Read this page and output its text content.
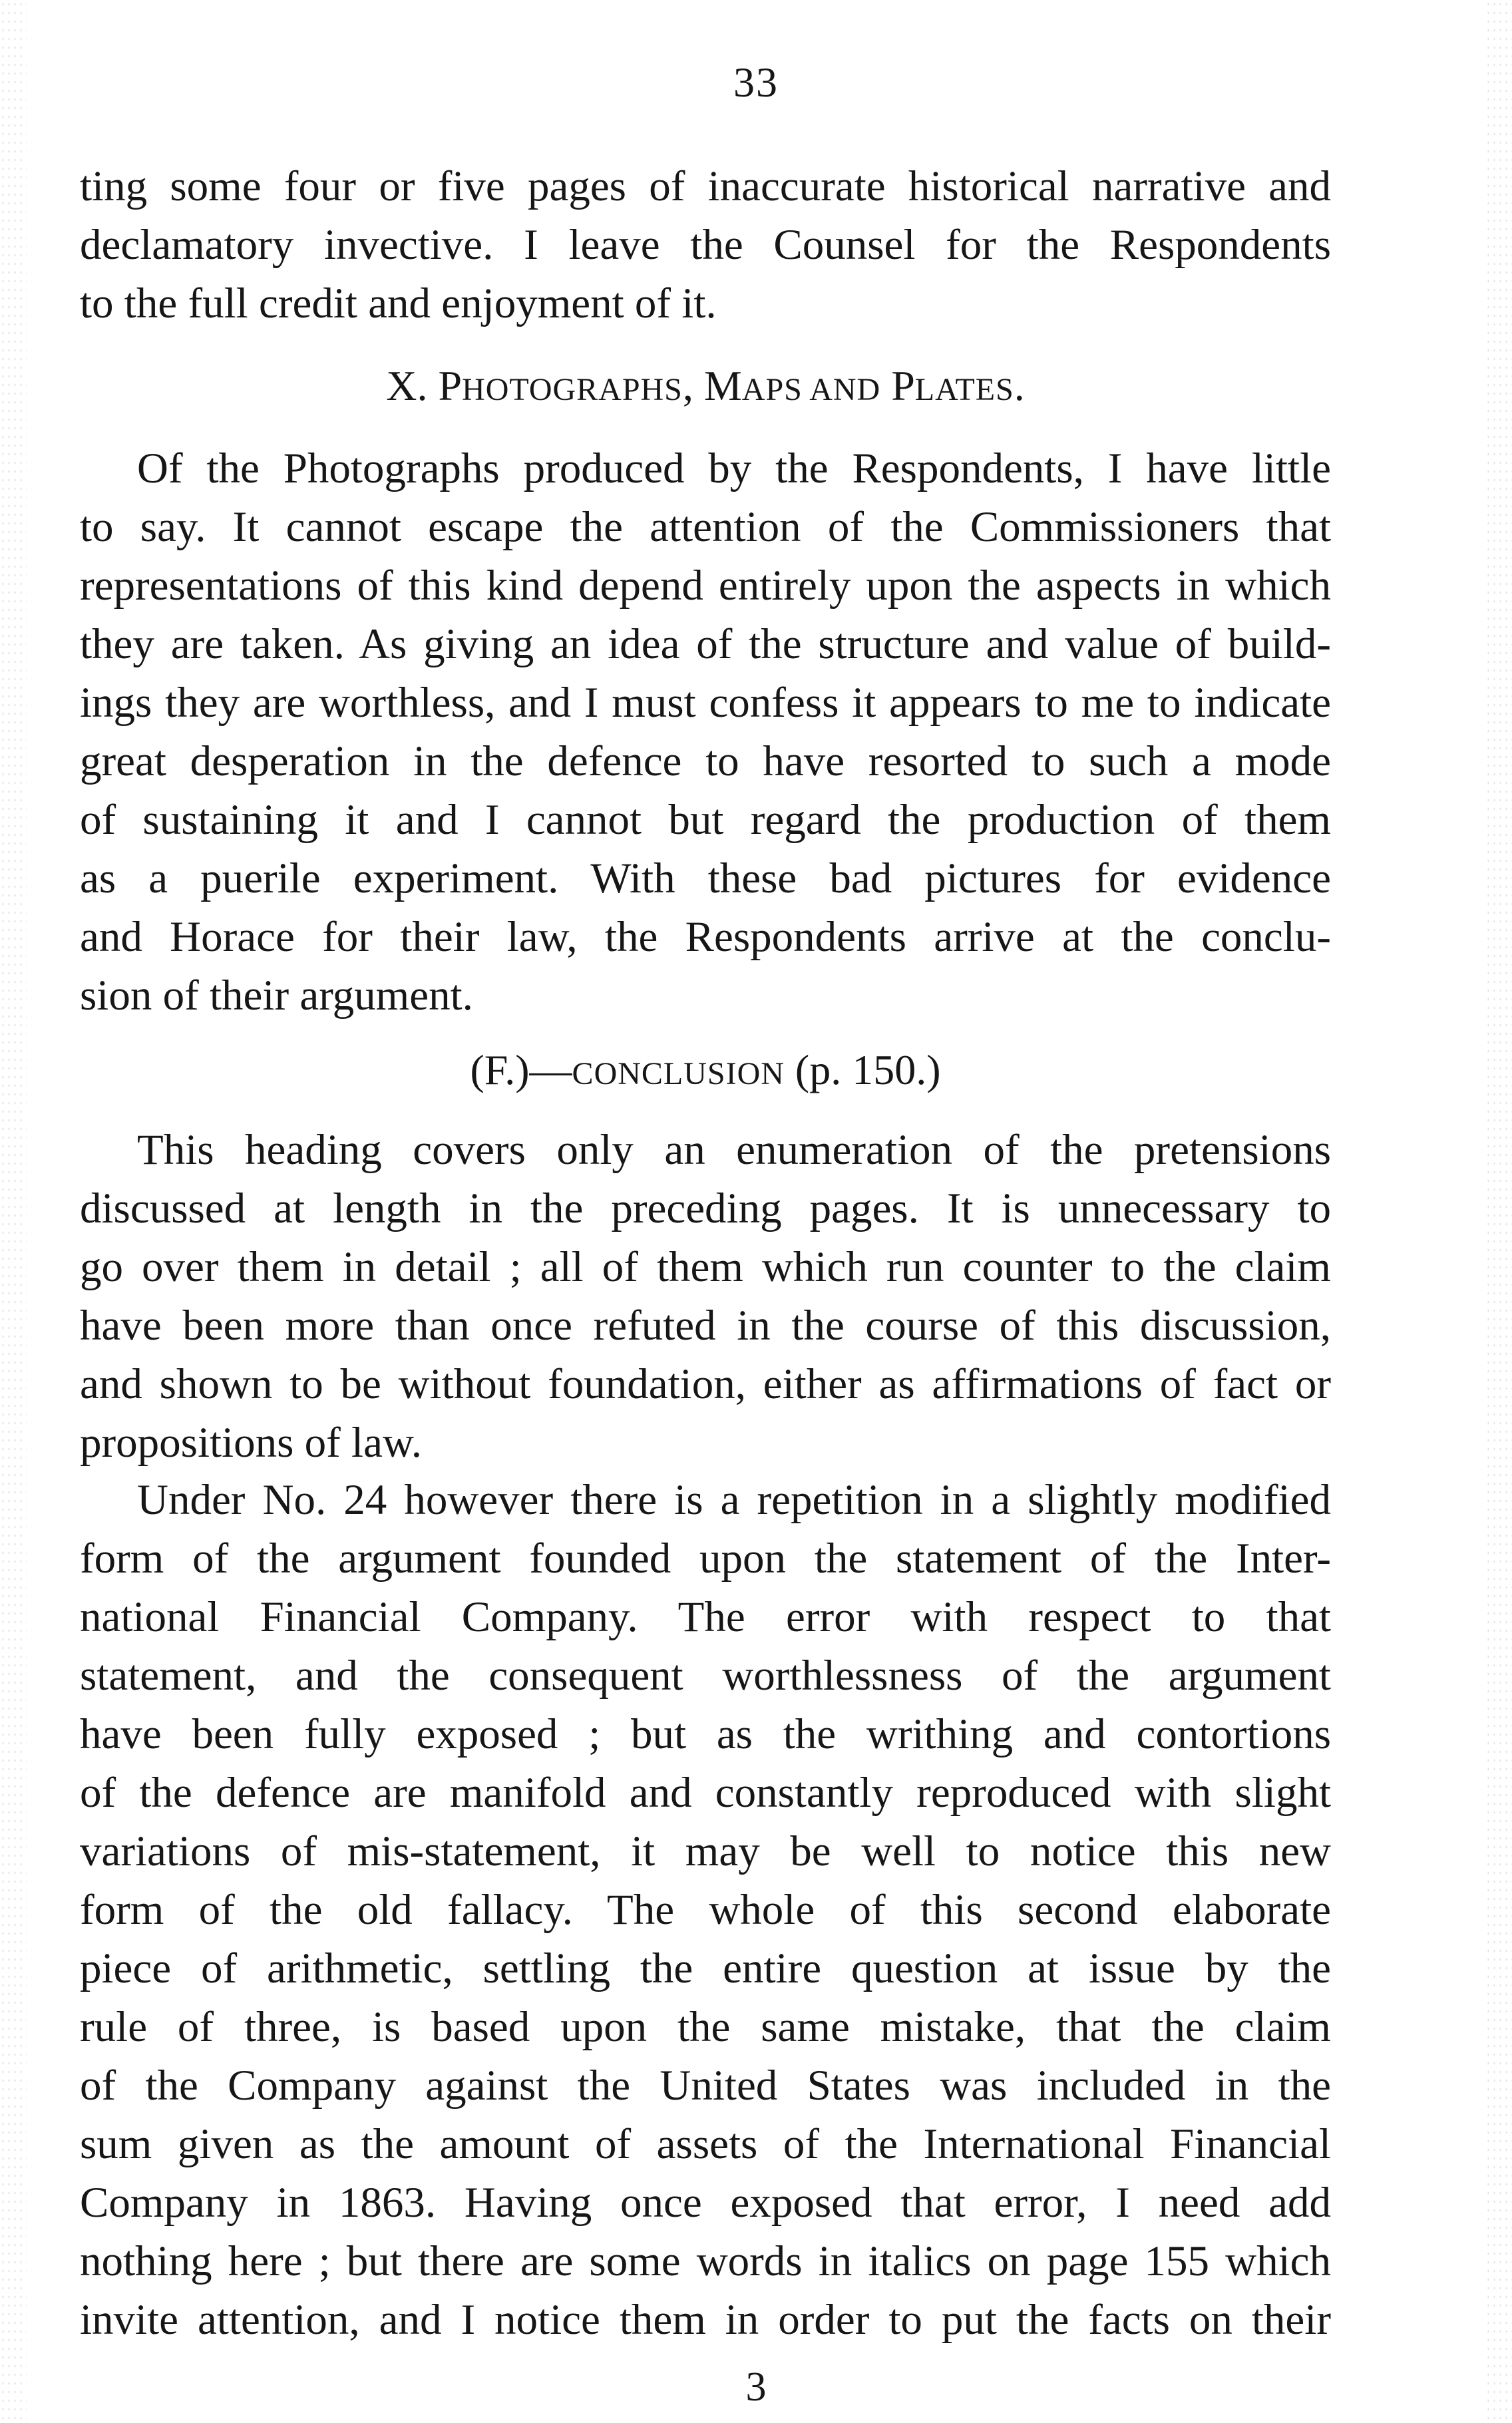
33
ting some four or five pages of inaccurate historical narrative and
declamatory invective. I leave the Counsel for the Respondents
to the full credit and enjoyment of it.
X. PHOTOGRAPHS, MAPS AND PLATES.
Of the Photographs produced by the Respondents, I have little
to say. It cannot escape the attention of the Commissioners that
representations of this kind depend entirely upon the aspects in which
they are taken. As giving an idea of the structure and value of build-
ings they are worthless, and I must confess it appears to me to indicate
great desperation in the defence to have resorted to such a mode
of sustaining it and I cannot but regard the production of them
as a puerile experiment. With these bad pictures for evidence
and Horace for their law, the Respondents arrive at the conclu-
sion of their argument.
(F.)—CONCLUSION (p. 150.)
This heading covers only an enumeration of the pretensions
discussed at length in the preceding pages. It is unnecessary to
go over them in detail ; all of them which run counter to the claim
have been more than once refuted in the course of this discussion,
and shown to be without foundation, either as affirmations of fact or
propositions of law.
Under No. 24 however there is a repetition in a slightly modified
form of the argument founded upon the statement of the Inter-
national Financial Company. The error with respect to that
statement, and the consequent worthlessness of the argument
have been fully exposed ; but as the writhing and contortions
of the defence are manifold and constantly reproduced with slight
variations of mis-statement, it may be well to notice this new
form of the old fallacy. The whole of this second elaborate
piece of arithmetic, settling the entire question at issue by the
rule of three, is based upon the same mistake, that the claim
of the Company against the United States was included in the
sum given as the amount of assets of the International Financial
Company in 1863. Having once exposed that error, I need add
nothing here ; but there are some words in italics on page 155 which
invite attention, and I notice them in order to put the facts on their
3
